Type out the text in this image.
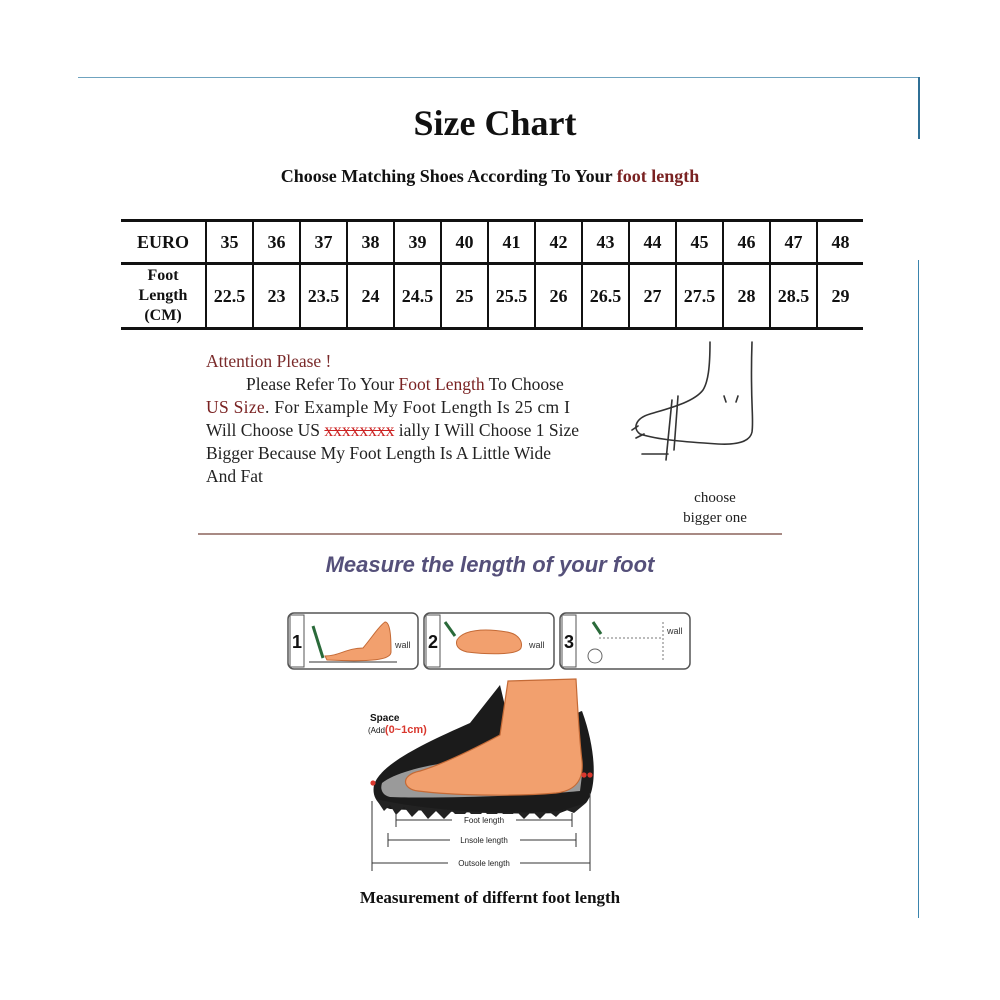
Size Chart
Choose Matching Shoes According To Your foot length
EURO	35	36	37	38	39	40	41	42	43	44	45	46	47	48

Foot
Length
(CM)	22.5	23	23.5	24	24.5	25	25.5	26	26.5	27	27.5	28	28.5	29
Attention Please !
Please Refer To Your Foot Length To Choose
US Size. For Example My Foot Length Is 25 cm I
Will Choose US xxxxxxxx ially I Will Choose 1 Size
Bigger Because My Foot Length Is A Little Wide
And Fat
choose
bigger one
Measure the length of your foot
1	wall 2	wall 3
wall
Space
(Add(0~1cm)
Foot length
Lnsole length
Outsole length
Measurement of differnt foot length
